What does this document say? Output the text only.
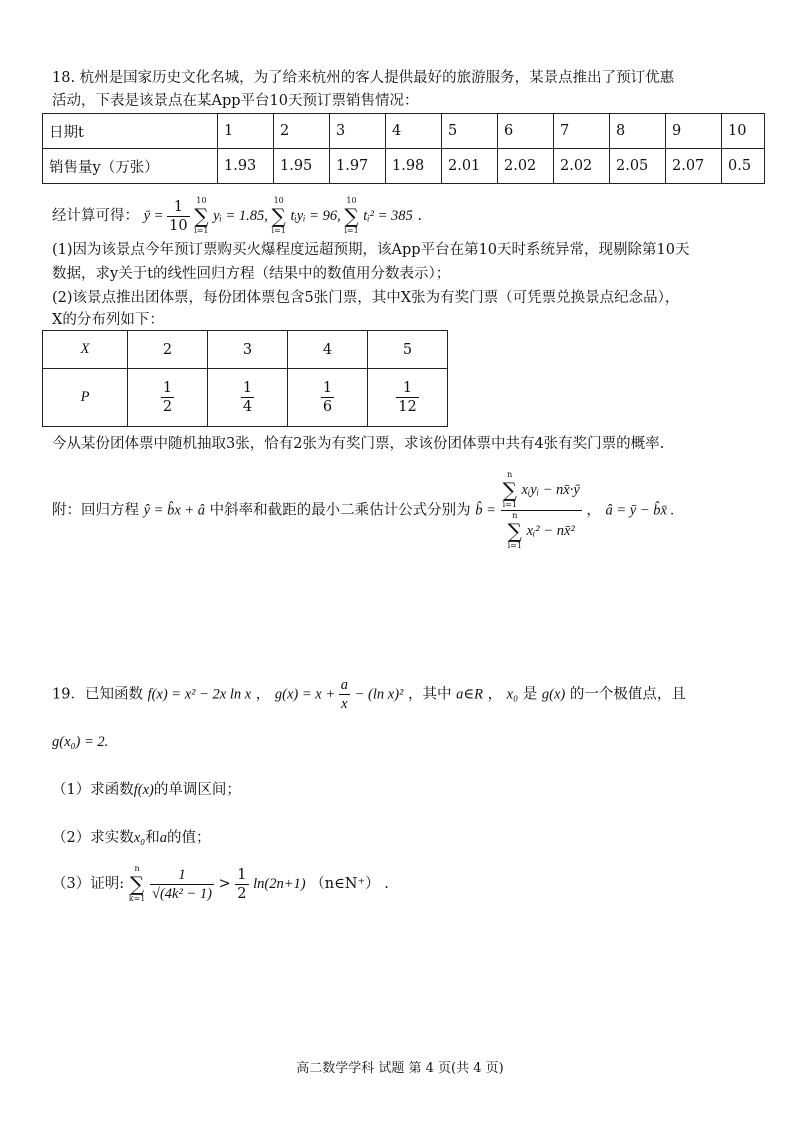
18. 杭州是国家历史文化名城，为了给来杭州的客人提供最好的旅游服务，某景点推出了预订优惠
活动，下表是该景点在某App平台10天预订票销售情况：
日期t	1	2	3	4	5	6	7	8	9	10
销售量y（万张）	1.93	1.95	1.97	1.98	2.01	2.02	2.02	2.05	2.07	0.5
经计算可得： ȳ = $\frac{1}{10}$
10
∑
i=1
yᵢ = 1.85,
10
∑
i=1
tᵢyᵢ = 96,
10
∑
i=1
tᵢ² = 385 .
(1)因为该景点今年预订票购买火爆程度远超预期，该App平台在第10天时系统异常，现剔除第10天
数据，求y关于t的线性回归方程（结果中的数值用分数表示）；
(2)该景点推出团体票，每份团体票包含5张门票，其中X张为有奖门票（可凭票兑换景点纪念品），
X的分布列如下：
X	2	3	4	5
P	$\frac{1}{2}$	$\frac{1}{4}$	$\frac{1}{6}$	$\frac{1}{12}$
今从某份团体票中随机抽取3张，恰有2张为有奖门票，求该份团体票中共有4张有奖门票的概率.
附：回归方程 ŷ = b̂x + â 中斜率和截距的最小二乘估计公式分别为 b̂ = n
∑
i=1
xᵢyᵢ − nx̄·ȳ
n
∑
i=1
xᵢ² − nx̄² ， â = ȳ − b̂x̄ .
19．已知函数 f(x) = x² − 2x ln x ， $g(x) = x + \frac{a}{x} - (\ln$ x)² ，其中 a∈R ， x₀ 是 g(x) 的一个极值点，且
g(x₀) = 2.
（1）求函数f(x)的单调区间；
（2）求实数x₀和a的值；
（3）证明:
n
∑
k=1
$\frac{1}{\text{√(4k² − 1)}} > \frac{1}{2} \ln(2n+1)$ （n∈N⁺） .
高二数学学科 试题 第 4 页(共 4 页)
